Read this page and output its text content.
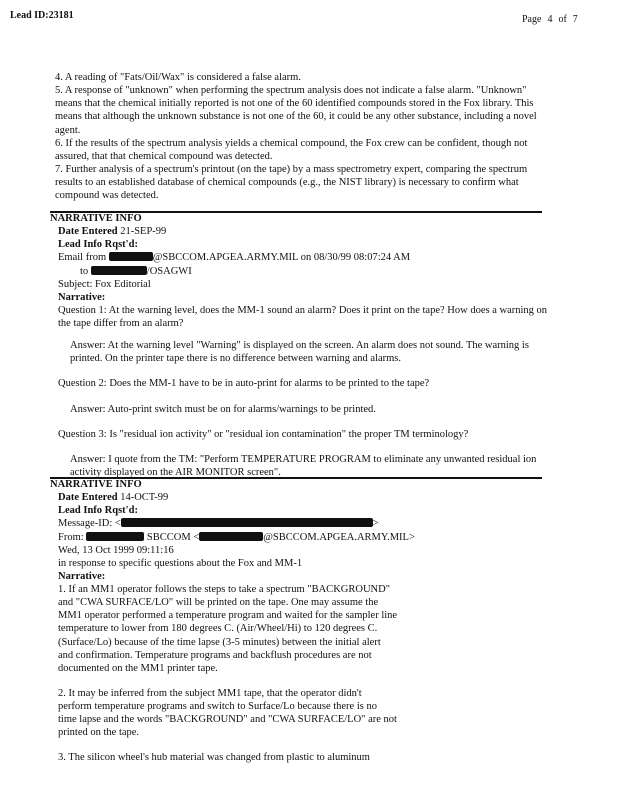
Lead ID:23181	Page 4 of 7

4. A reading of "Fats/Oil/Wax" is considered a false alarm.

5. A response of "unknown" when performing the spectrum analysis does not indicate a false alarm. "Unknown" means that the chemical initially reported is not one of the 60 identified compounds stored in the Fox library. This means that although the unknown substance is not one of the 60, it could be any other substance, including a novel agent.

6. If the results of the spectrum analysis yields a chemical compound, the Fox crew can be confident, though not assured, that that chemical compound was detected.

7. Further analysis of a spectrum's printout (on the tape) by a mass spectrometry expert, comparing the spectrum results to an established database of chemical compounds (e.g., the NIST library) is necessary to confirm what compound was detected.

NARRATIVE INFO
Date Entered 21-SEP-99
Lead Info Rqst'd:
Email from	@SBCCOM.APGEA.ARMY.MIL on 08/30/99 08:07:24 AM
to	/OSAGWI
Subject: Fox Editorial
Narrative:

Question 1: At the warning level, does the MM-1 sound an alarm? Does it print on the tape? How does a warning on the tape differ from an alarm?

Answer: At the warning level "Warning" is displayed on the screen. An alarm does not sound. The warning is printed. On the printer tape there is no difference between warning and alarms.

Question 2: Does the MM-1 have to be in auto-print for alarms to be printed to the tape?

Answer: Auto-print switch must be on for alarms/warnings to be printed.

Question 3: Is "residual ion activity" or "residual ion contamination" the proper TM terminology?

Answer: I quote from the TM: "Perform TEMPERATURE PROGRAM to eliminate any unwanted residual ion activity displayed on the AIR MONITOR screen".

NARRATIVE INFO
Date Entered 14-OCT-99
Lead Info Rqst'd:
Message-ID: <	>
From:	SBCCOM <	@SBCCOM.APGEA.ARMY.MIL>
Wed, 13 Oct 1999 09:11:16
in response to specific questions about the Fox and MM-1
Narrative:

1. If an MM1 operator follows the steps to take a spectrum "BACKGROUND" and "CWA SURFACE/LO" will be printed on the tape. One may assume the MM1 operator performed a temperature program and waited for the sampler line temperature to lower from 180 degrees C. (Air/Wheel/Hi) to 120 degrees C. (Surface/Lo) because of the time lapse (3-5 minutes) between the initial alert and confirmation. Temperature programs and backflush procedures are not documented on the MM1 printer tape.

2. It may be inferred from the subject MM1 tape, that the operator didn't perform temperature programs and switch to Surface/Lo because there is no time lapse and the words "BACKGROUND" and "CWA SURFACE/LO" are not printed on the tape.

3. The silicon wheel's hub material was changed from plastic to aluminum
